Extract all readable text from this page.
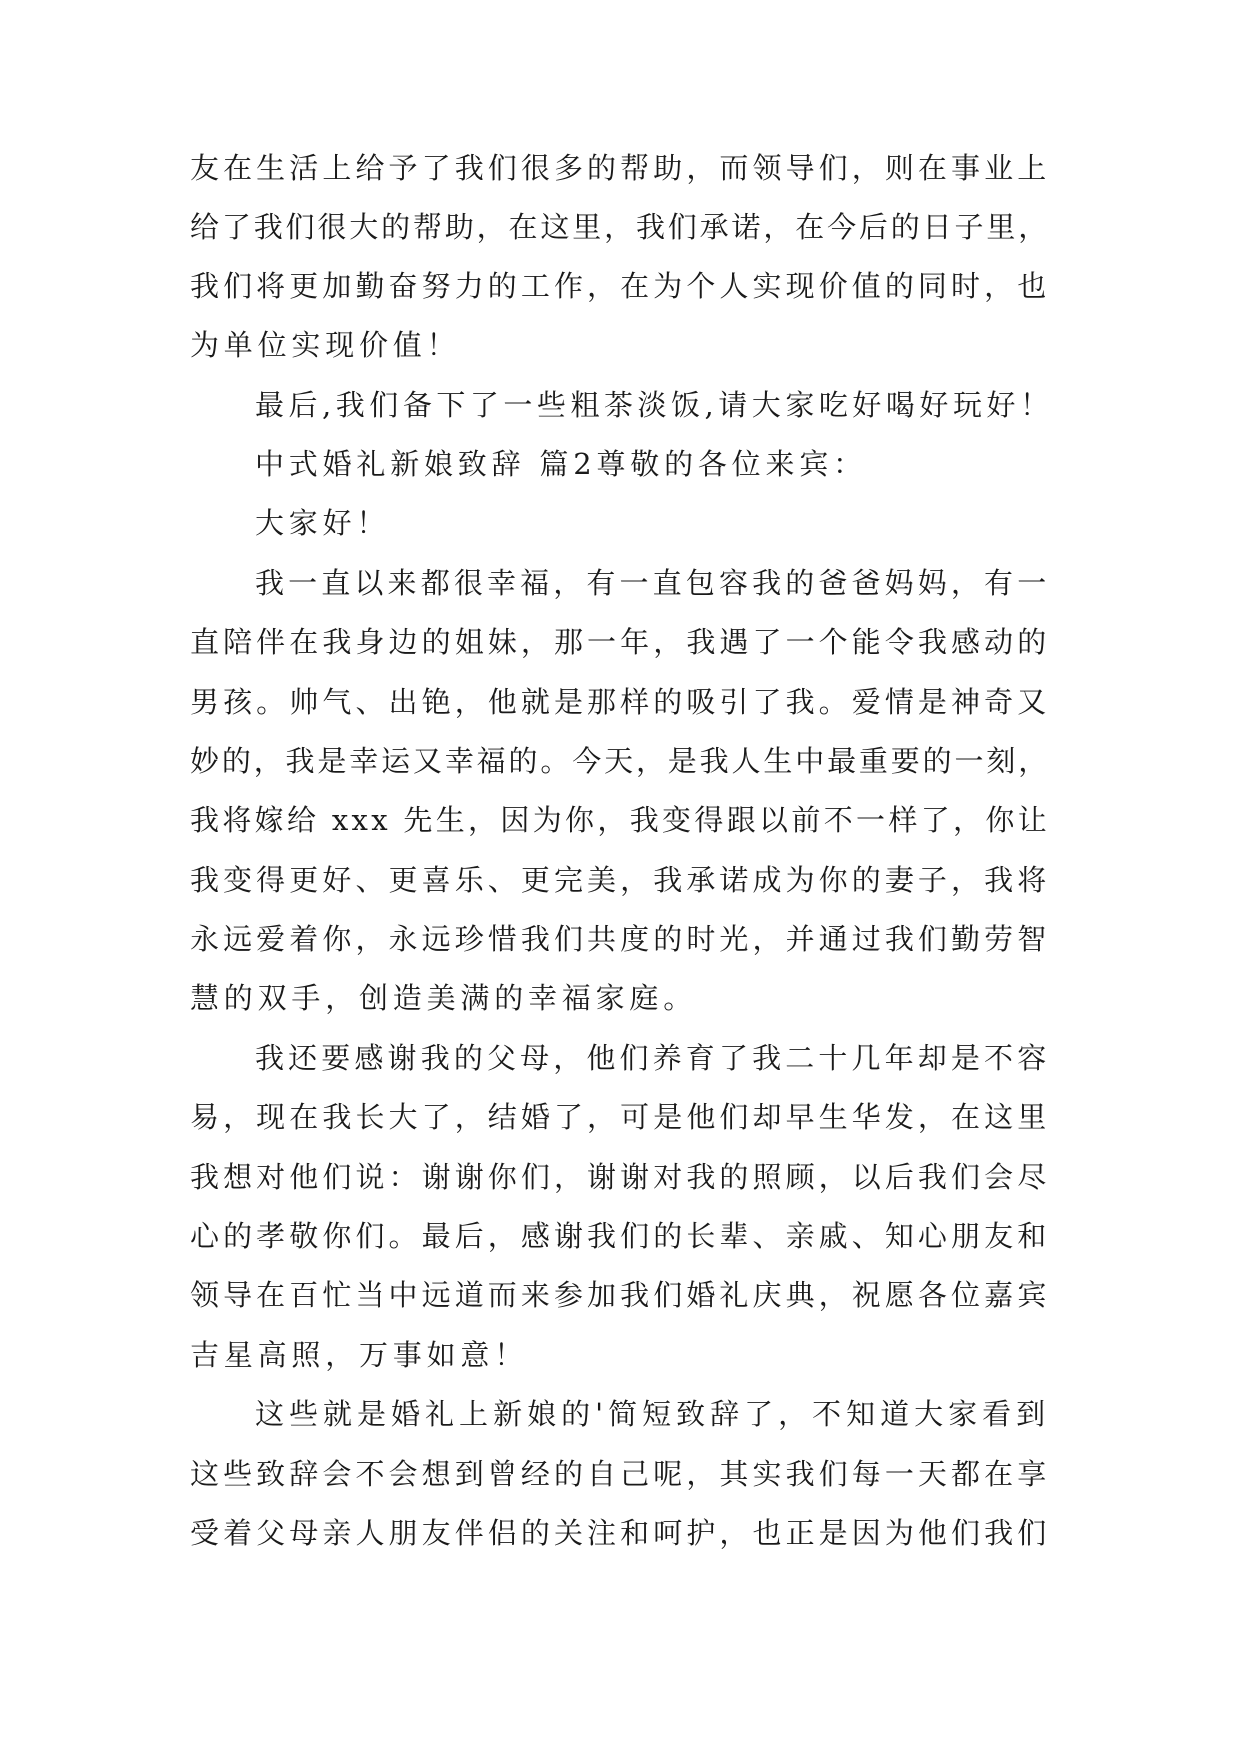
友在生活上给予了我们很多的帮助，而领导们，则在事业上
给了我们很大的帮助，在这里，我们承诺，在今后的日子里，
我们将更加勤奋努力的工作，在为个人实现价值的同时，也
为单位实现价值！
最后,我们备下了一些粗茶淡饭,请大家吃好喝好玩好！
中式婚礼新娘致辞 篇2尊敬的各位来宾：
大家好！
我一直以来都很幸福，有一直包容我的爸爸妈妈，有一
直陪伴在我身边的姐妹，那一年，我遇了一个能令我感动的
男孩。帅气、出铯，他就是那样的吸引了我。爱情是神奇又
妙的，我是幸运又幸福的。今天，是我人生中最重要的一刻，
我将嫁给 xxx 先生，因为你，我变得跟以前不一样了，你让
我变得更好、更喜乐、更完美，我承诺成为你的妻子，我将
永远爱着你，永远珍惜我们共度的时光，并通过我们勤劳智
慧的双手，创造美满的幸福家庭。
我还要感谢我的父母，他们养育了我二十几年却是不容
易，现在我长大了，结婚了，可是他们却早生华发，在这里
我想对他们说：谢谢你们，谢谢对我的照顾，以后我们会尽
心的孝敬你们。最后，感谢我们的长辈、亲戚、知心朋友和
领导在百忙当中远道而来参加我们婚礼庆典，祝愿各位嘉宾
吉星高照，万事如意！
这些就是婚礼上新娘的'简短致辞了，不知道大家看到
这些致辞会不会想到曾经的自己呢，其实我们每一天都在享
受着父母亲人朋友伴侣的关注和呵护，也正是因为他们我们
